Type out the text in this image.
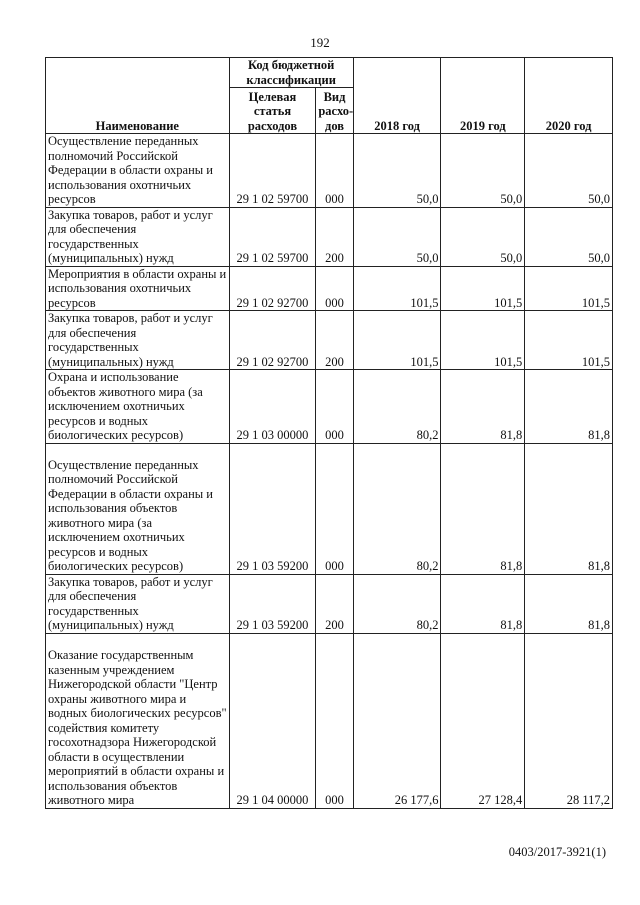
192
Наименование	Код бюджетной классификации		2018 год	2019 год	2020 год
	Целевая статья расходов	Вид расхо-дов			
Осуществление переданных полномочий Российской Федерации в области охраны и использования охотничьих ресурсов	29 1 02 59700	000	50,0	50,0	50,0
Закупка товаров, работ и услуг для обеспечения государственных (муниципальных) нужд	29 1 02 59700	200	50,0	50,0	50,0
Мероприятия в области охраны и использования охотничьих ресурсов	29 1 02 92700	000	101,5	101,5	101,5
Закупка товаров, работ и услуг для обеспечения государственных (муниципальных) нужд	29 1 02 92700	200	101,5	101,5	101,5
Охрана и использование объектов животного мира (за исключением охотничьих ресурсов и водных биологических ресурсов)	29 1 03 00000	000	80,2	81,8	81,8
Осуществление переданных полномочий Российской Федерации в области охраны и использования объектов животного мира (за исключением охотничьих ресурсов и водных биологических ресурсов)	29 1 03 59200	000	80,2	81,8	81,8
Закупка товаров, работ и услуг для обеспечения государственных (муниципальных) нужд	29 1 03 59200	200	80,2	81,8	81,8
Оказание государственным казенным учреждением Нижегородской области "Центр охраны животного мира и водных биологических ресурсов" содействия комитету госохотнадзора Нижегородской области в осуществлении мероприятий в области охраны и использования объектов животного мира	29 1 04 00000	000	26 177,6	27 128,4	28 117,2
0403/2017-3921(1)
